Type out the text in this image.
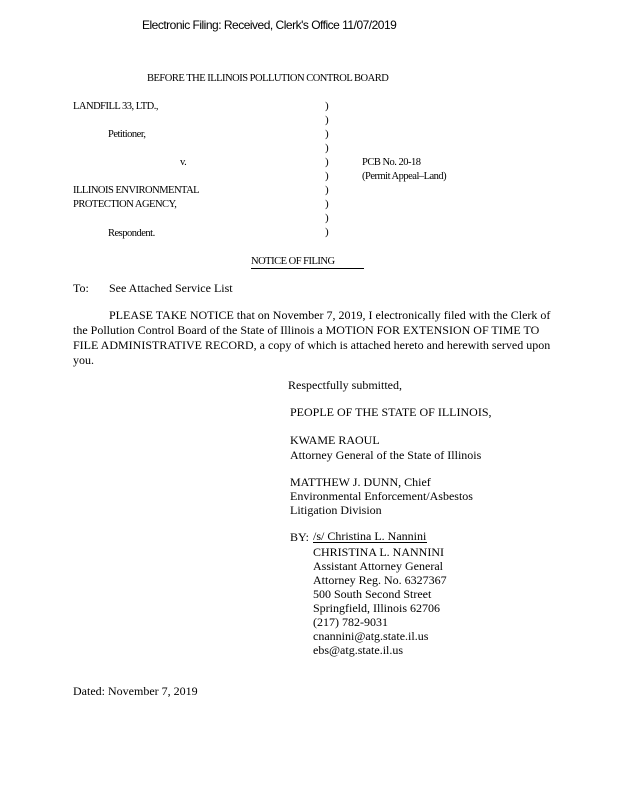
Electronic Filing: Received, Clerk's Office 11/07/2019
BEFORE THE ILLINOIS POLLUTION CONTROL BOARD
LANDFILL 33, LTD.,
Petitioner,
v.
ILLINOIS ENVIRONMENTAL
PROTECTION AGENCY,
Respondent.
)
)
)
)
)
)
)
)
)
)
PCB No. 20-18
(Permit Appeal–Land)
NOTICE OF FILING
To: See Attached Service List
PLEASE TAKE NOTICE that on November 7, 2019, I electronically filed with the Clerk of the Pollution Control Board of the State of Illinois a MOTION FOR EXTENSION OF TIME TO FILE ADMINISTRATIVE RECORD, a copy of which is attached hereto and herewith served upon you.
Respectfully submitted,
PEOPLE OF THE STATE OF ILLINOIS,
KWAME RAOUL
Attorney General of the State of Illinois
MATTHEW J. DUNN, Chief
Environmental Enforcement/Asbestos
Litigation Division
BY: /s/ Christina L. Nannini
CHRISTINA L. NANNINI
Assistant Attorney General
Attorney Reg. No. 6327367
500 South Second Street
Springfield, Illinois 62706
(217) 782-9031
cnannini@atg.state.il.us
ebs@atg.state.il.us
Dated: November 7, 2019
